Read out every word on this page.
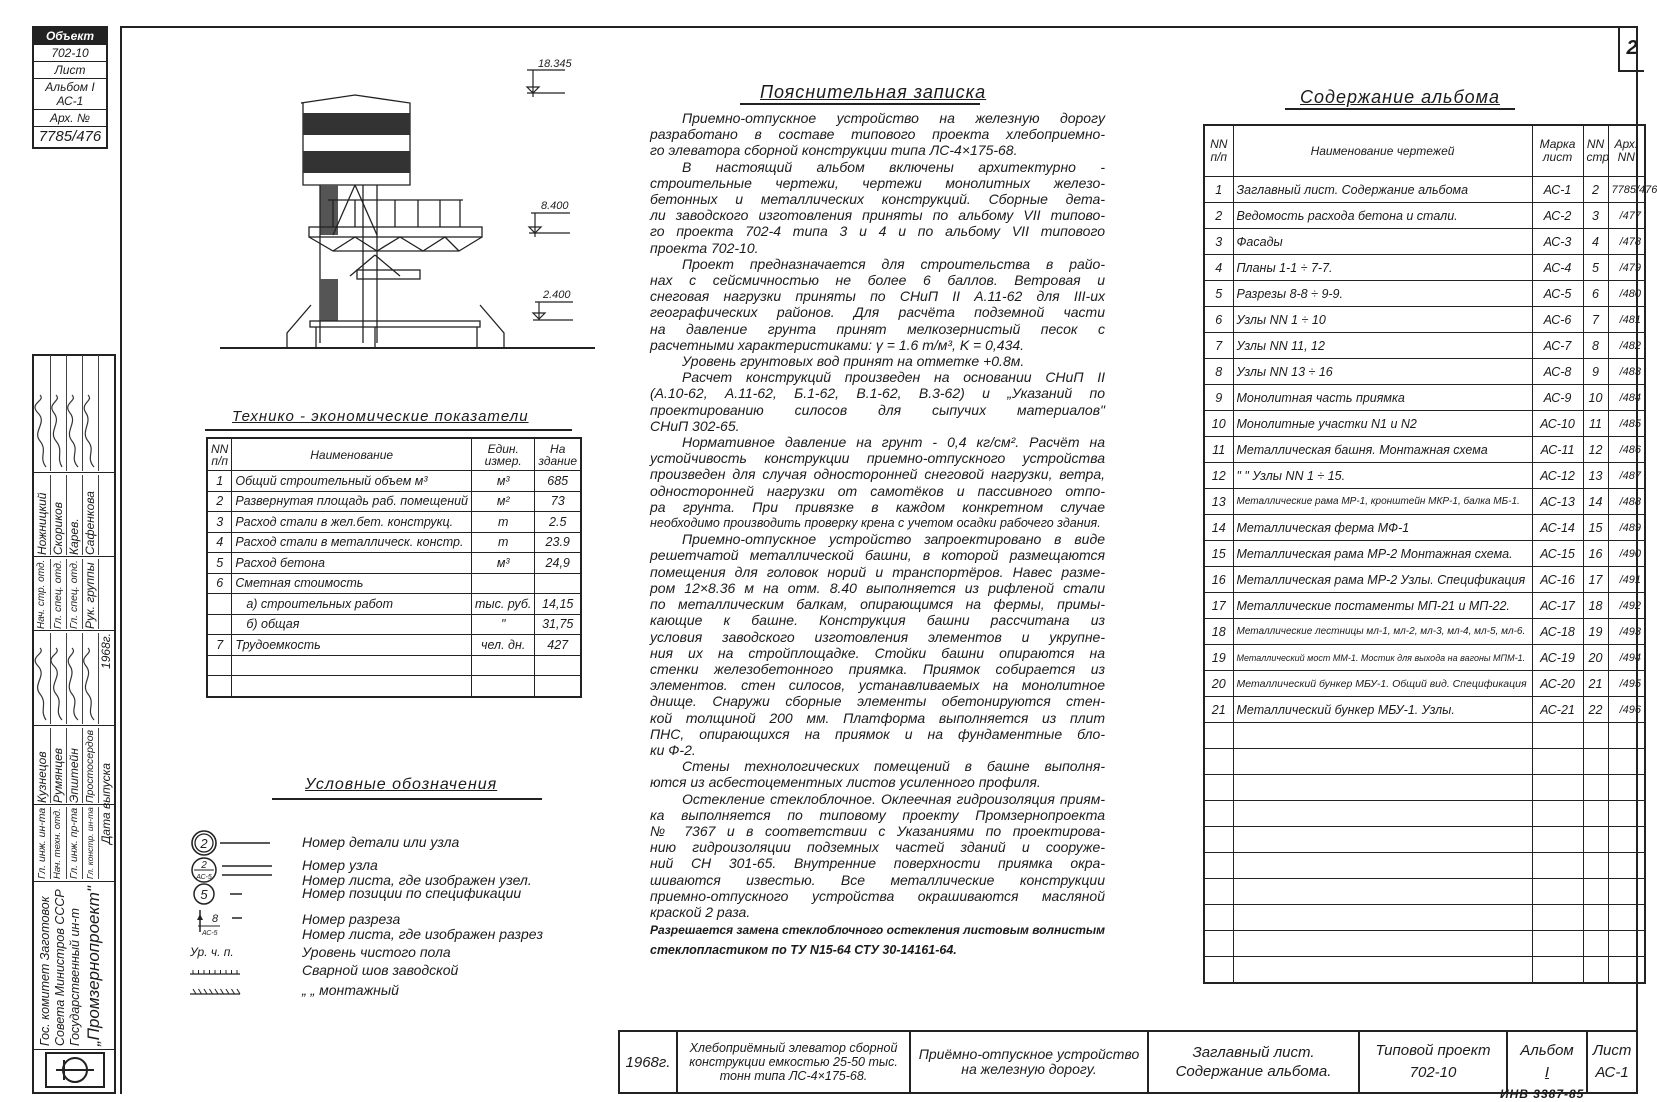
2
Объект
702-10
Лист
Альбом I
АС-1
Арх. №
7785/476
Гос. комитет Заготовок Совета Министров СССР Государственный ин-т „Промзернопроект"
Гл. инж. ин-та
Кузнецов
Нач. техн. отд.
Румянцев
Гл. инж. пр-та
Эпштейн
Гл. констр. ин-та
Простосердов
Нач. стр. отд.
Ножницкий
Гл. спец. отд.
Скориков
Гл. спец. отд.
Карев.
Рук. группы
Сафенкова
Дата выпуска
1968г.
18.345
8.400
2.400
Технико - экономические показатели
NN п/п	Наименование	Един. измер.	На здание
1	Общий строительный объем м³	м³	685
2	Развернутая площадь раб. помещений	м²	73
3	Расход стали в жел.бет. конструкц.	т	2.5
4	Расход стали в металлическ. констр.	т	23.9
5	Расход бетона	м³	24,9
6	Сметная стоимость		
	а) строительных работ	тыс. руб.	14,15
	б) общая	"	31,75
7	Трудоемкость	чел. дн.	427

Условные обозначения
2	Номер детали или узла
2
АС-5
Номер узла
Номер листа, где изображен узел.
5	Номер позиции по спецификации
8
АС-5
Номер разреза
Номер листа, где изображен разрез
Ур. ч. п.	Уровень чистого пола
Сварной шов заводской
„ „ монтажный
Пояснительная записка
Приемно-отпускное устройство на железную дорогу
разработано в составе типового проекта хлебоприемно-
го элеватора сборной конструкции типа ЛС-4×175-68.
В настоящий альбом включены архитектурно -
строительные чертежи, чертежи монолитных железо-
бетонных и металлических конструкций. Сборные дета-
ли заводского изготовления приняты по альбому VII типово-
го проекта 702-4 типа 3 и 4 и по альбому VII типового
проекта 702-10.
Проект предназначается для строительства в райо-
нах с сейсмичностью не более 6 баллов. Ветровая и
снеговая нагрузки приняты по СНиП II А.11-62 для III-их
географических районов. Для расчёта подземной части
на давление грунта принят мелкозернистый песок с
расчетными характеристиками: γ = 1.6 т/м³, K = 0,434.
Уровень грунтовых вод принят на отметке +0.8м.
Расчет конструкций произведен на основании СНиП II
(А.10-62, А.11-62, Б.1-62, В.1-62, В.3-62) и „Указаний по
проектированию силосов для сыпучих материалов"
СНиП 302-65.
Нормативное давление на грунт - 0,4 кг/см². Расчёт на
устойчивость конструкции приемно-отпускного устройства
произведен для случая односторонней снеговой нагрузки, ветра,
односторонней нагрузки от самотёков и пассивного отпо-
ра грунта. При привязке в каждом конкретном случае
необходимо производить проверку крена с учетом осадки рабочего здания.
Приемно-отпускное устройство запроектировано в виде
решетчатой металлической башни, в которой размещаются
помещения для головок норий и транспортёров. Навес разме-
ром 12×8.36 м на отм. 8.40 выполняется из рифленой стали
по металлическим балкам, опирающимся на фермы, примы-
кающие к башне. Конструкция башни рассчитана из
условия заводского изготовления элементов и укрупне-
ния их на стройплощадке. Стойки башни опираются на
стенки железобетонного приямка. Приямок собирается из
элементов. стен силосов, устанавливаемых на монолитное
днище. Снаружи сборные элементы обетонируются стен-
кой толщиной 200 мм. Платформа выполняется из плит
ПНС, опирающихся на приямок и на фундаментные бло-
ки Ф-2.
Стены технологических помещений в башне выполня-
ются из асбестоцементных листов усиленного профиля.
Остекление стеклоблочное. Оклеечная гидроизоляция приям-
ка выполняется по типовому проекту Промзернопроекта
№ 7367 и в соответствии с Указаниями по проектирова-
нию гидроизоляции подземных частей зданий и сооруже-
ний СН 301-65. Внутренние поверхности приямка окра-
шиваются известью. Все металлические конструкции
приемно-отпускного устройства окрашиваются масляной
краской 2 раза.
Разрешается замена стеклоблочного остекления листовым волнистым
стеклопластиком по ТУ N15-64 СТУ 30-14161-64.
Содержание альбома
NN п/п	Наименование чертежей	Марка лист	NN стр	Арх. NN
1	Заглавный лист. Содержание альбома	АС-1	2	7785/476
2	Ведомость расхода бетона и стали.	АС-2	3	/477
3	Фасады	АС-3	4	/478
4	Планы 1-1 ÷ 7-7.	АС-4	5	/479
5	Разрезы 8-8 ÷ 9-9.	АС-5	6	/480
6	Узлы NN 1 ÷ 10	АС-6	7	/481
7	Узлы NN 11, 12	АС-7	8	/482
8	Узлы NN 13 ÷ 16	АС-8	9	/483
9	Монолитная часть приямка	АС-9	10	/484
10	Монолитные участки N1 и N2	АС-10	11	/485
11	Металлическая башня. Монтажная схема	АС-11	12	/486
12	" " Узлы NN 1 ÷ 15.	АС-12	13	/487
13	Металлические рама МР-1, кронштейн МКР-1, балка МБ-1.	АС-13	14	/488
14	Металлическая ферма МФ-1	АС-14	15	/489
15	Металлическая рама МР-2 Монтажная схема.	АС-15	16	/490
16	Металлическая рама МР-2 Узлы. Спецификация	АС-16	17	/491
17	Металлические постаменты МП-21 и МП-22.	АС-17	18	/492
18	Металлические лестницы мл-1, мл-2, мл-3, мл-4, мл-5, мл-6.	АС-18	19	/493
19	Металлический мост ММ-1. Мостик для выхода на вагоны МПМ-1.	АС-19	20	/494
20	Металлический бункер МБУ-1. Общий вид. Спецификация	АС-20	21	/495
21	Металлический бункер МБУ-1. Узлы.	АС-21	22	/496

1968г.
Хлебоприёмный элеватор сборной конструкции емкостью 25-50 тыс. тонн типа ЛС-4×175-68.
Приёмно-отпускное устройство на железную дорогу.
Заглавный лист. Содержание альбома.
Типовой проект
702-10
Альбом
I
Лист
АС-1
ИНВ 3387-85
